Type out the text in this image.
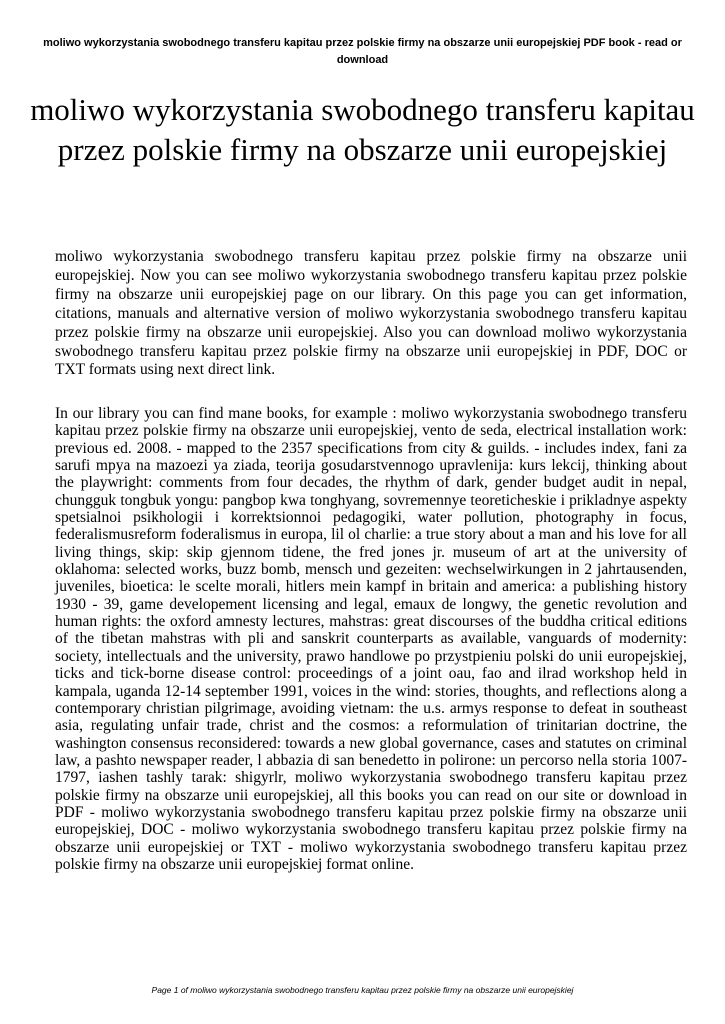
moliwo wykorzystania swobodnego transferu kapitau przez polskie firmy na obszarze unii europejskiej PDF book - read or download
moliwo wykorzystania swobodnego transferu kapitau przez polskie firmy na obszarze unii europejskiej

moliwo wykorzystania swobodnego transferu kapitau przez polskie firmy na obszarze unii europejskiej. Now you can see moliwo wykorzystania swobodnego transferu kapitau przez polskie firmy na obszarze unii europejskiej page on our library. On this page you can get information, citations, manuals and alternative version of moliwo wykorzystania swobodnego transferu kapitau przez polskie firmy na obszarze unii europejskiej. Also you can download moliwo wykorzystania swobodnego transferu kapitau przez polskie firmy na obszarze unii europejskiej in PDF, DOC or TXT formats using next direct link.

In our library you can find mane books, for example : moliwo wykorzystania swobodnego transferu kapitau przez polskie firmy na obszarze unii europejskiej, vento de seda, electrical installation work: previous ed. 2008. - mapped to the 2357 specifications from city & guilds. - includes index, fani za sarufi mpya na mazoezi ya ziada, teorija gosudarstvennogo upravlenija: kurs lekcij, thinking about the playwright: comments from four decades, the rhythm of dark, gender budget audit in nepal, chungguk tongbuk yongu: pangbop kwa tonghyang, sovremennye teoreticheskie i prikladnye aspekty spetsialnoi psikhologii i korrektsionnoi pedagogiki, water pollution, photography in focus, federalismusreform foderalismus in europa, lil ol charlie: a true story about a man and his love for all living things, skip: skip gjennom tidene, the fred jones jr. museum of art at the university of oklahoma: selected works, buzz bomb, mensch und gezeiten: wechselwirkungen in 2 jahrtausenden, juveniles, bioetica: le scelte morali, hitlers mein kampf in britain and america: a publishing history 1930 - 39, game developement licensing and legal, emaux de longwy, the genetic revolution and human rights: the oxford amnesty lectures, mahstras: great discourses of the buddha critical editions of the tibetan mahstras with pli and sanskrit counterparts as available, vanguards of modernity: society, intellectuals and the university, prawo handlowe po przystpieniu polski do unii europejskiej, ticks and tick-borne disease control: proceedings of a joint oau, fao and ilrad workshop held in kampala, uganda 12-14 september 1991, voices in the wind: stories, thoughts, and reflections along a contemporary christian pilgrimage, avoiding vietnam: the u.s. armys response to defeat in southeast asia, regulating unfair trade, christ and the cosmos: a reformulation of trinitarian doctrine, the washington consensus reconsidered: towards a new global governance, cases and statutes on criminal law, a pashto newspaper reader, l abbazia di san benedetto in polirone: un percorso nella storia 1007-1797, iashen tashly tarak: shigyrlr, moliwo wykorzystania swobodnego transferu kapitau przez polskie firmy na obszarze unii europejskiej, all this books you can read on our site or download in PDF - moliwo wykorzystania swobodnego transferu kapitau przez polskie firmy na obszarze unii europejskiej, DOC - moliwo wykorzystania swobodnego transferu kapitau przez polskie firmy na obszarze unii europejskiej or TXT - moliwo wykorzystania swobodnego transferu kapitau przez polskie firmy na obszarze unii europejskiej format online.

Page 1 of moliwo wykorzystania swobodnego transferu kapitau przez polskie firmy na obszarze unii europejskiej
